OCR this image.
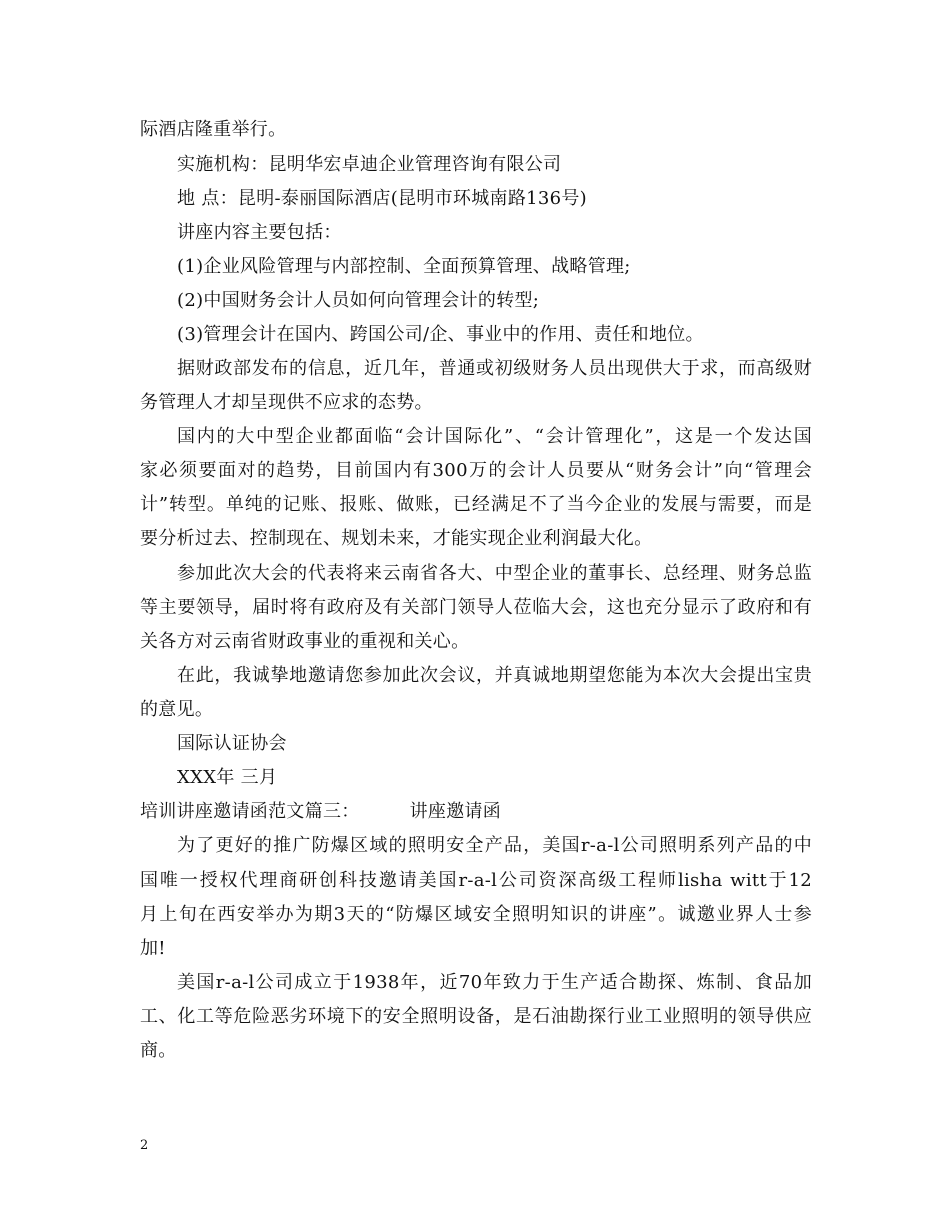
际酒店隆重举行。
实施机构：昆明华宏卓迪企业管理咨询有限公司
地 点：昆明-泰丽国际酒店(昆明市环城南路136号)
讲座内容主要包括：
(1)企业风险管理与内部控制、全面预算管理、战略管理;
(2)中国财务会计人员如何向管理会计的转型;
(3)管理会计在国内、跨国公司/企、事业中的作用、责任和地位。
据财政部发布的信息，近几年，普通或初级财务人员出现供大于求，而高级财
务管理人才却呈现供不应求的态势。
国内的大中型企业都面临“会计国际化”、“会计管理化”，这是一个发达国
家必须要面对的趋势，目前国内有300万的会计人员要从“财务会计”向“管理会
计”转型。单纯的记账、报账、做账，已经满足不了当今企业的发展与需要，而是
要分析过去、控制现在、规划未来，才能实现企业利润最大化。
参加此次大会的代表将来云南省各大、中型企业的董事长、总经理、财务总监
等主要领导，届时将有政府及有关部门领导人莅临大会，这也充分显示了政府和有
关各方对云南省财政事业的重视和关心。
在此，我诚挚地邀请您参加此次会议，并真诚地期望您能为本次大会提出宝贵
的意见。
国际认证协会
XXX年 三月
培训讲座邀请函范文篇三：	讲座邀请函
为了更好的推广防爆区域的照明安全产品，美国r-a-l公司照明系列产品的中
国唯一授权代理商研创科技邀请美国r-a-l公司资深高级工程师lisha witt于12
月上旬在西安举办为期3天的“防爆区域安全照明知识的讲座”。诚邀业界人士参
加!
美国r-a-l公司成立于1938年，近70年致力于生产适合勘探、炼制、食品加
工、化工等危险恶劣环境下的安全照明设备，是石油勘探行业工业照明的领导供应
商。
2
